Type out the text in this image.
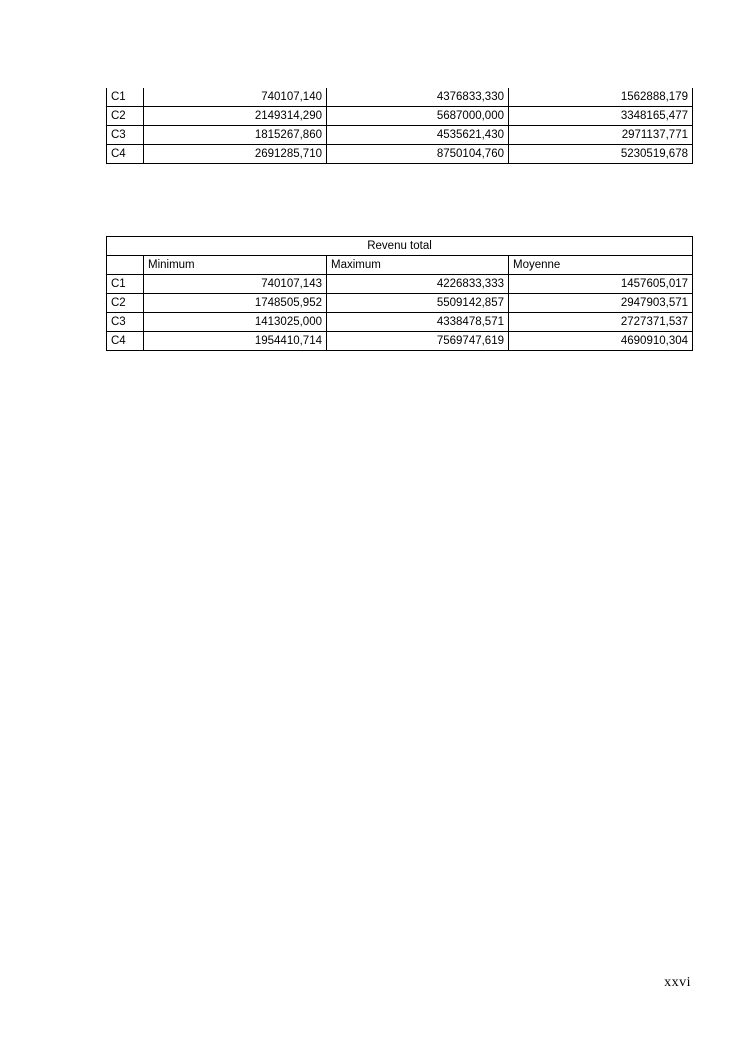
C1	740107,140	4376833,330	1562888,179
C2	2149314,290	5687000,000	3348165,477
C3	1815267,860	4535621,430	2971137,771
C4	2691285,710	8750104,760	5230519,678
Revenu total			
	Minimum	Maximum	Moyenne
C1	740107,143	4226833,333	1457605,017
C2	1748505,952	5509142,857	2947903,571
C3	1413025,000	4338478,571	2727371,537
C4	1954410,714	7569747,619	4690910,304
xxvi
